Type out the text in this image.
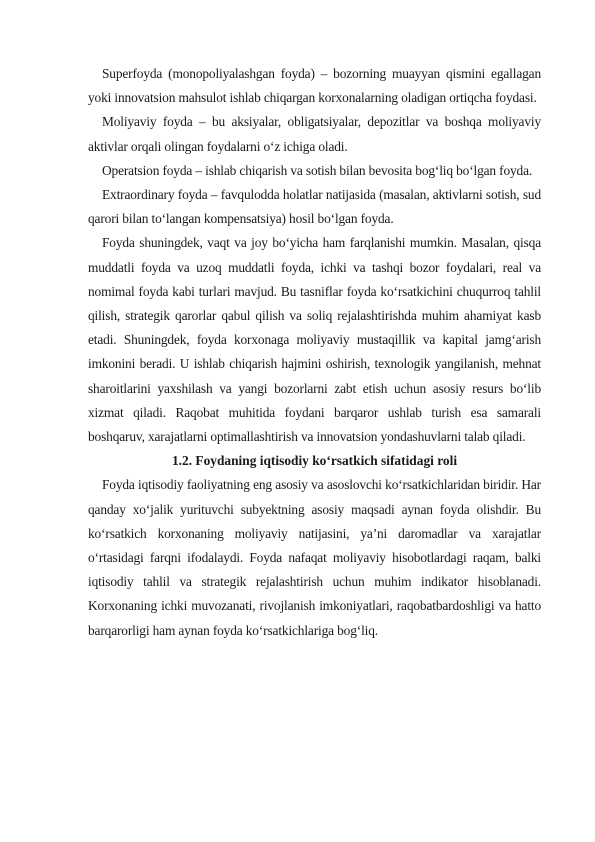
Superfoyda (monopoliyalashgan foyda) – bozorning muayyan qismini egallagan yoki innovatsion mahsulot ishlab chiqargan korxonalarning oladigan ortiqcha foydasi.

Moliyaviy foyda – bu aksiyalar, obligatsiyalar, depozitlar va boshqa moliyaviy aktivlar orqali olingan foydalarni o‘z ichiga oladi.

Operatsion foyda – ishlab chiqarish va sotish bilan bevosita bog‘liq bo‘lgan foyda.

Extraordinary foyda – favqulodda holatlar natijasida (masalan, aktivlarni sotish, sud qarori bilan to‘langan kompensatsiya) hosil bo‘lgan foyda.

Foyda shuningdek, vaqt va joy bo‘yicha ham farqlanishi mumkin. Masalan, qisqa muddatli foyda va uzoq muddatli foyda, ichki va tashqi bozor foydalari, real va nomimal foyda kabi turlari mavjud. Bu tasniflar foyda ko‘rsatkichini chuqurroq tahlil qilish, strategik qarorlar qabul qilish va soliq rejalashtirishda muhim ahamiyat kasb etadi. Shuningdek, foyda korxonaga moliyaviy mustaqillik va kapital jamg‘arish imkonini beradi. U ishlab chiqarish hajmini oshirish, texnologik yangilanish, mehnat sharoitlarini yaxshilash va yangi bozorlarni zabt etish uchun asosiy resurs bo‘lib xizmat qiladi. Raqobat muhitida foydani barqaror ushlab turish esa samarali boshqaruv, xarajatlarni optimallashtirish va innovatsion yondashuvlarni talab qiladi.

1.2. Foydaning iqtisodiy ko‘rsatkich sifatidagi roli

Foyda iqtisodiy faoliyatning eng asosiy va asoslovchi ko‘rsatkichlaridan biridir. Har qanday xo‘jalik yurituvchi subyektning asosiy maqsadi aynan foyda olishdir. Bu ko‘rsatkich korxonaning moliyaviy natijasini, ya’ni daromadlar va xarajatlar o‘rtasidagi farqni ifodalaydi. Foyda nafaqat moliyaviy hisobotlardagi raqam, balki iqtisodiy tahlil va strategik rejalashtirish uchun muhim indikator hisoblanadi. Korxonaning ichki muvozanati, rivojlanish imkoniyatlari, raqobatbardoshligi va hatto barqarorligi ham aynan foyda ko‘rsatkichlariga bog‘liq.
